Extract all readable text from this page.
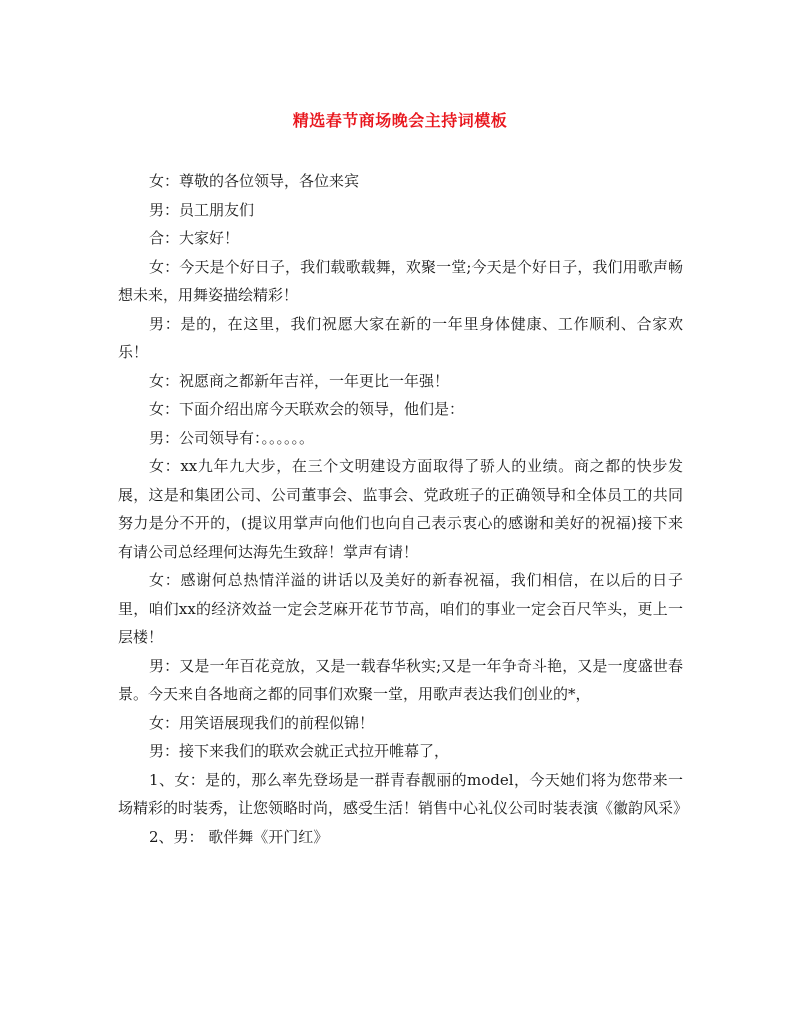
精选春节商场晚会主持词模板

女：尊敬的各位领导，各位来宾

男：员工朋友们

合：大家好！

女：今天是个好日子，我们载歌载舞，欢聚一堂;今天是个好日子，我们用歌声畅想未来，用舞姿描绘精彩！

男：是的，在这里，我们祝愿大家在新的一年里身体健康、工作顺利、合家欢乐！

女：祝愿商之都新年吉祥，一年更比一年强！

女：下面介绍出席今天联欢会的领导，他们是：

男：公司领导有：。。。。。。

女：xx九年九大步，在三个文明建设方面取得了骄人的业绩。商之都的快步发展，这是和集团公司、公司董事会、监事会、党政班子的正确领导和全体员工的共同努力是分不开的，(提议用掌声向他们也向自己表示衷心的感谢和美好的祝福)接下来有请公司总经理何达海先生致辞！掌声有请！

女：感谢何总热情洋溢的讲话以及美好的新春祝福，我们相信，在以后的日子里，咱们xx的经济效益一定会芝麻开花节节高，咱们的事业一定会百尺竿头，更上一层楼！

男：又是一年百花竞放，又是一载春华秋实;又是一年争奇斗艳，又是一度盛世春景。今天来自各地商之都的同事们欢聚一堂，用歌声表达我们创业的*，

女：用笑语展现我们的前程似锦！

男：接下来我们的联欢会就正式拉开帷幕了，

1、女：是的，那么率先登场是一群青春靓丽的model，今天她们将为您带来一场精彩的时装秀，让您领略时尚，感受生活！销售中心礼仪公司时装表演《徽韵风采》

2、男： 歌伴舞《开门红》
